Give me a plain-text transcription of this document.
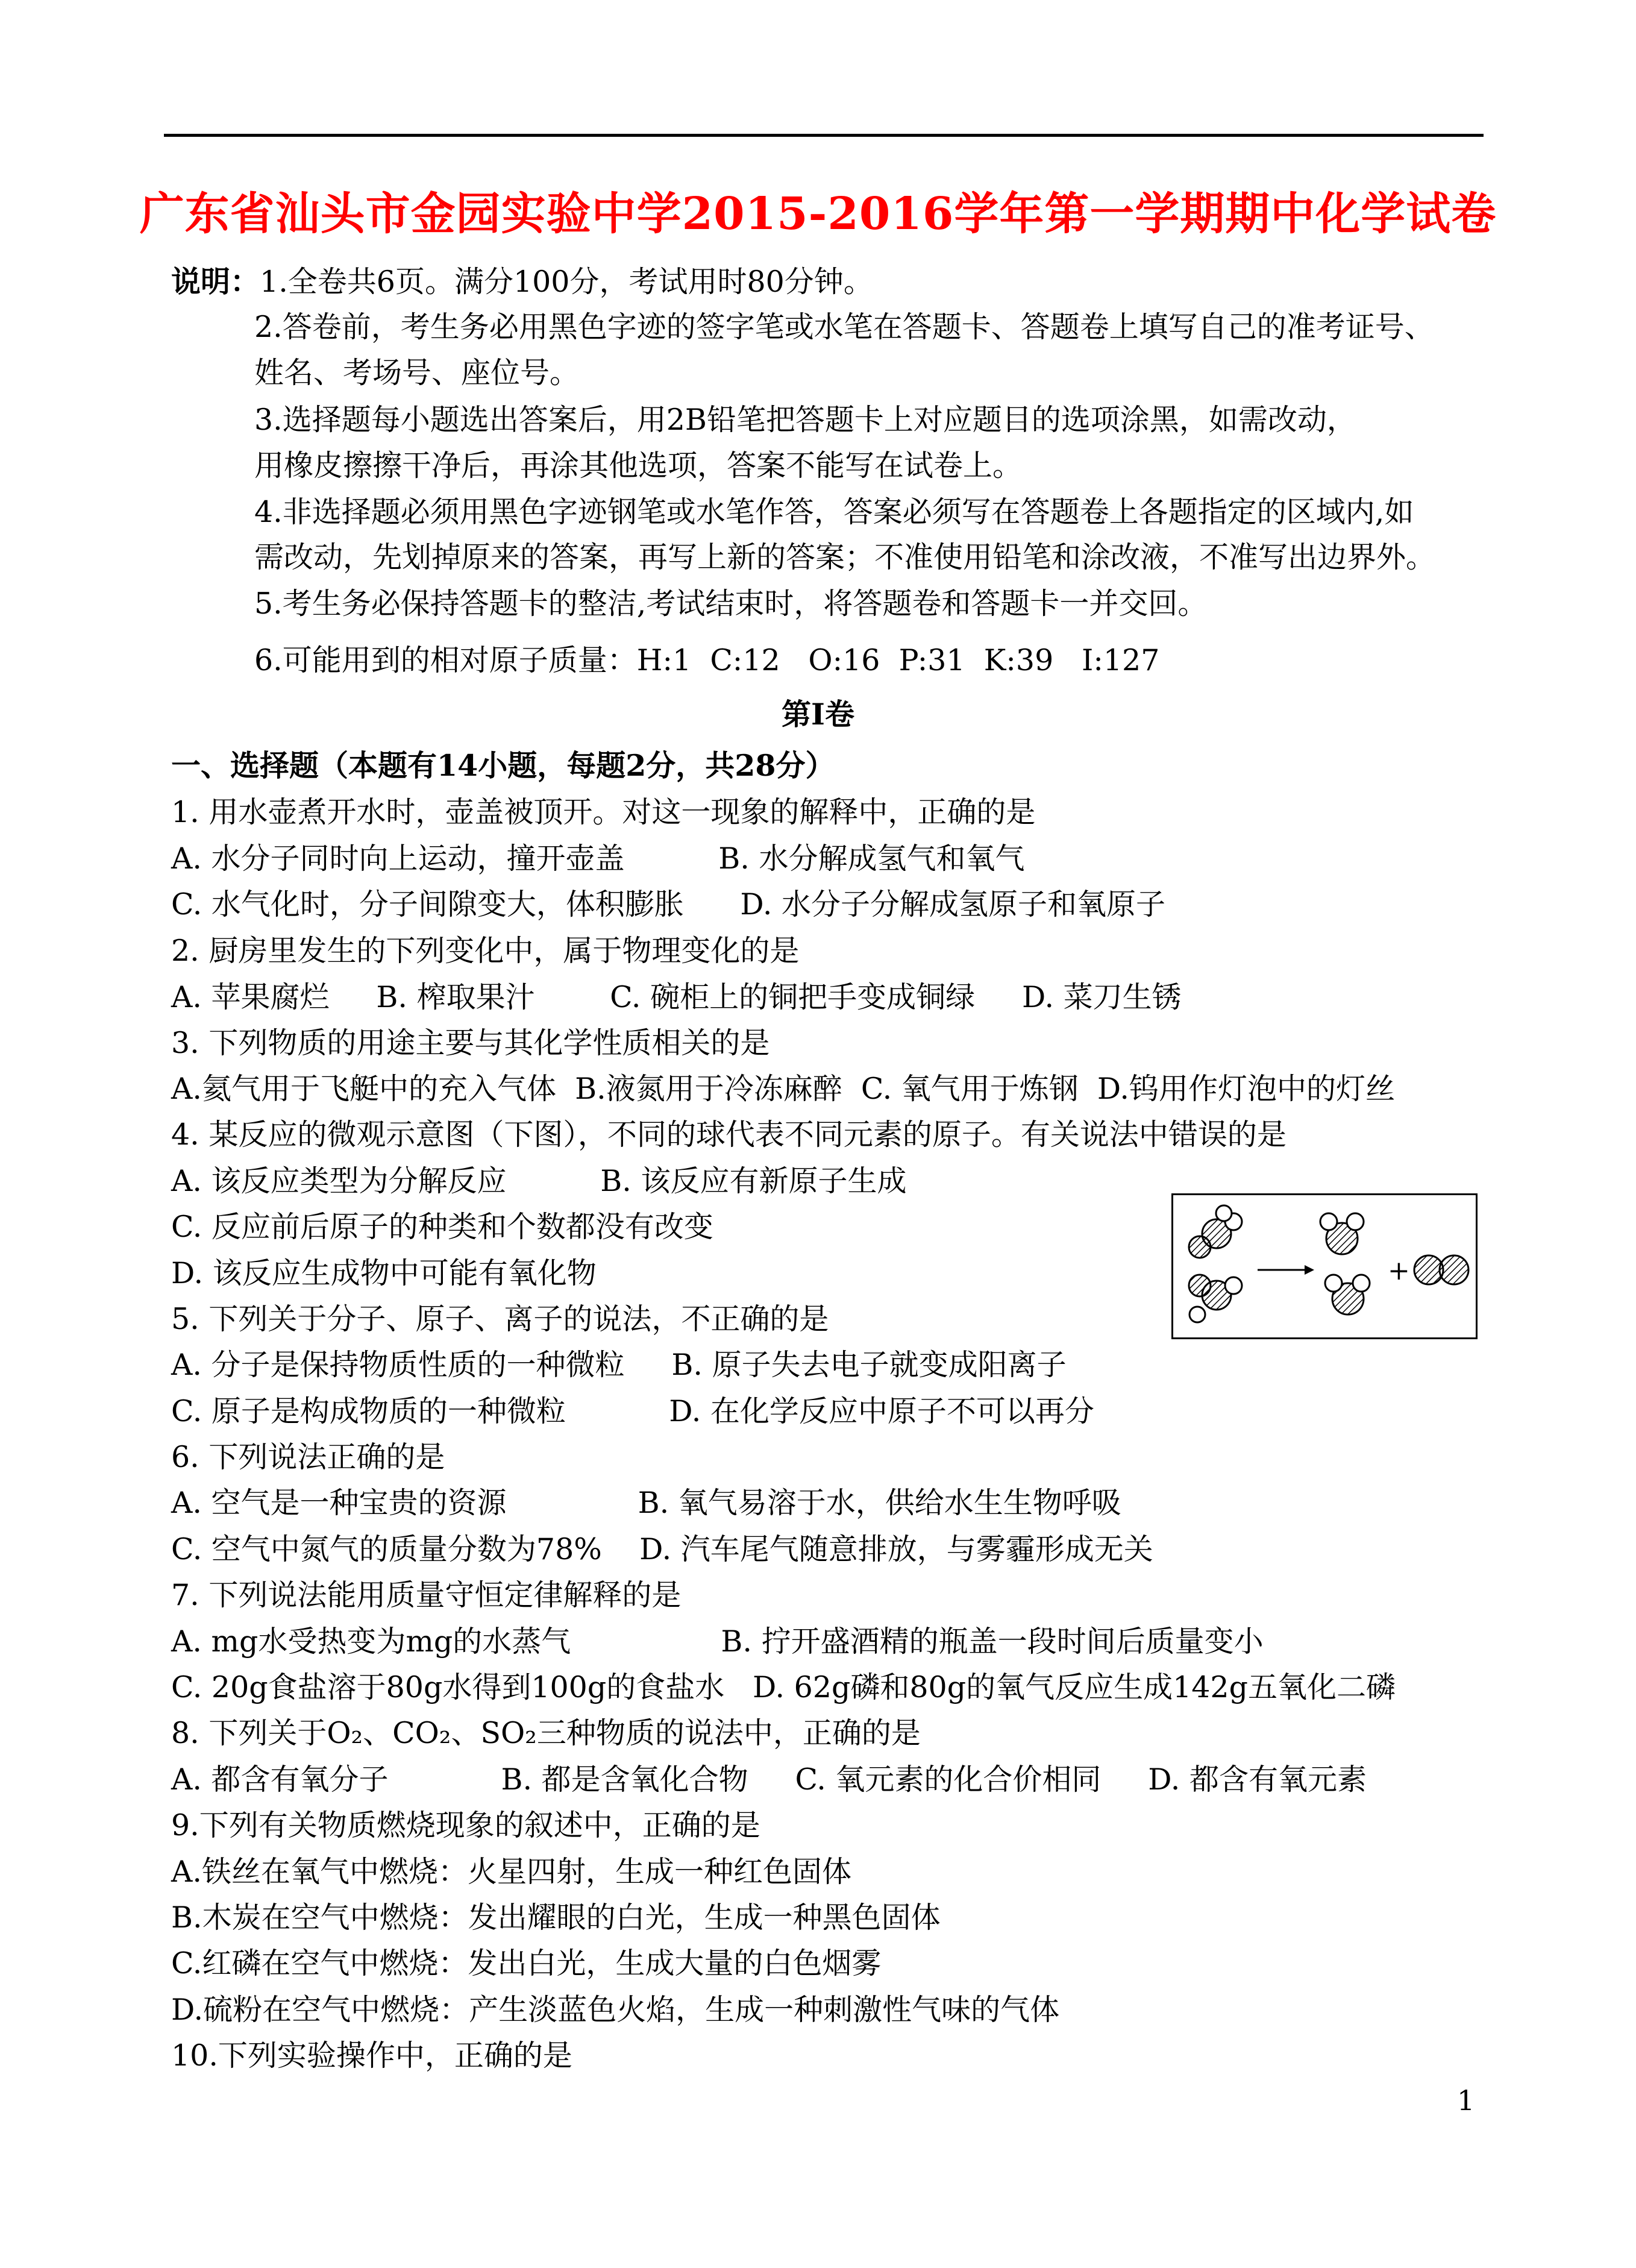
广东省汕头市金园实验中学2015-2016学年第一学期期中化学试卷
说明：1.全卷共6页。满分100分，考试用时80分钟。
2.答卷前，考生务必用黑色字迹的签字笔或水笔在答题卡、答题卷上填写自己的准考证号、
姓名、考场号、座位号。
3.选择题每小题选出答案后，用2B铅笔把答题卡上对应题目的选项涂黑，如需改动，
用橡皮擦擦干净后，再涂其他选项，答案不能写在试卷上。
4.非选择题必须用黑色字迹钢笔或水笔作答，答案必须写在答题卷上各题指定的区域内,如
需改动，先划掉原来的答案，再写上新的答案；不准使用铅笔和涂改液，不准写出边界外。
5.考生务必保持答题卡的整洁,考试结束时，将答题卷和答题卡一并交回。
6.可能用到的相对原子质量：H:1  C:12   O:16  P:31  K:39   I:127
第Ⅰ卷
一、选择题（本题有14小题，每题2分，共28分）
1. 用水壶煮开水时，壶盖被顶开。对这一现象的解释中，正确的是
A. 水分子同时向上运动，撞开壶盖          B. 水分解成氢气和氧气
C. 水气化时，分子间隙变大，体积膨胀      D. 水分子分解成氢原子和氧原子
2. 厨房里发生的下列变化中，属于物理变化的是
A. 苹果腐烂     B. 榨取果汁        C. 碗柜上的铜把手变成铜绿     D. 菜刀生锈
3. 下列物质的用途主要与其化学性质相关的是
A.氦气用于飞艇中的充入气体  B.液氮用于冷冻麻醉  C. 氧气用于炼钢  D.钨用作灯泡中的灯丝
4. 某反应的微观示意图（下图），不同的球代表不同元素的原子。有关说法中错误的是
A. 该反应类型为分解反应          B. 该反应有新原子生成
C. 反应前后原子的种类和个数都没有改变
D. 该反应生成物中可能有氧化物
5. 下列关于分子、原子、离子的说法，不正确的是
A. 分子是保持物质性质的一种微粒     B. 原子失去电子就变成阳离子
C. 原子是构成物质的一种微粒           D. 在化学反应中原子不可以再分
6. 下列说法正确的是
A. 空气是一种宝贵的资源              B. 氧气易溶于水，供给水生生物呼吸
C. 空气中氮气的质量分数为78%    D. 汽车尾气随意排放，与雾霾形成无关
7. 下列说法能用质量守恒定律解释的是
A. mg水受热变为mg的水蒸气                B. 拧开盛酒精的瓶盖一段时间后质量变小
C. 20g食盐溶于80g水得到100g的食盐水   D. 62g磷和80g的氧气反应生成142g五氧化二磷
8. 下列关于O₂、CO₂、SO₂三种物质的说法中，正确的是
A. 都含有氧分子            B. 都是含氧化合物     C. 氧元素的化合价相同     D. 都含有氧元素
9.下列有关物质燃烧现象的叙述中，正确的是
A.铁丝在氧气中燃烧：火星四射，生成一种红色固体
B.木炭在空气中燃烧：发出耀眼的白光，生成一种黑色固体
C.红磷在空气中燃烧：发出白光，生成大量的白色烟雾
D.硫粉在空气中燃烧：产生淡蓝色火焰，生成一种刺激性气味的气体
10.下列实验操作中，正确的是
+
1
